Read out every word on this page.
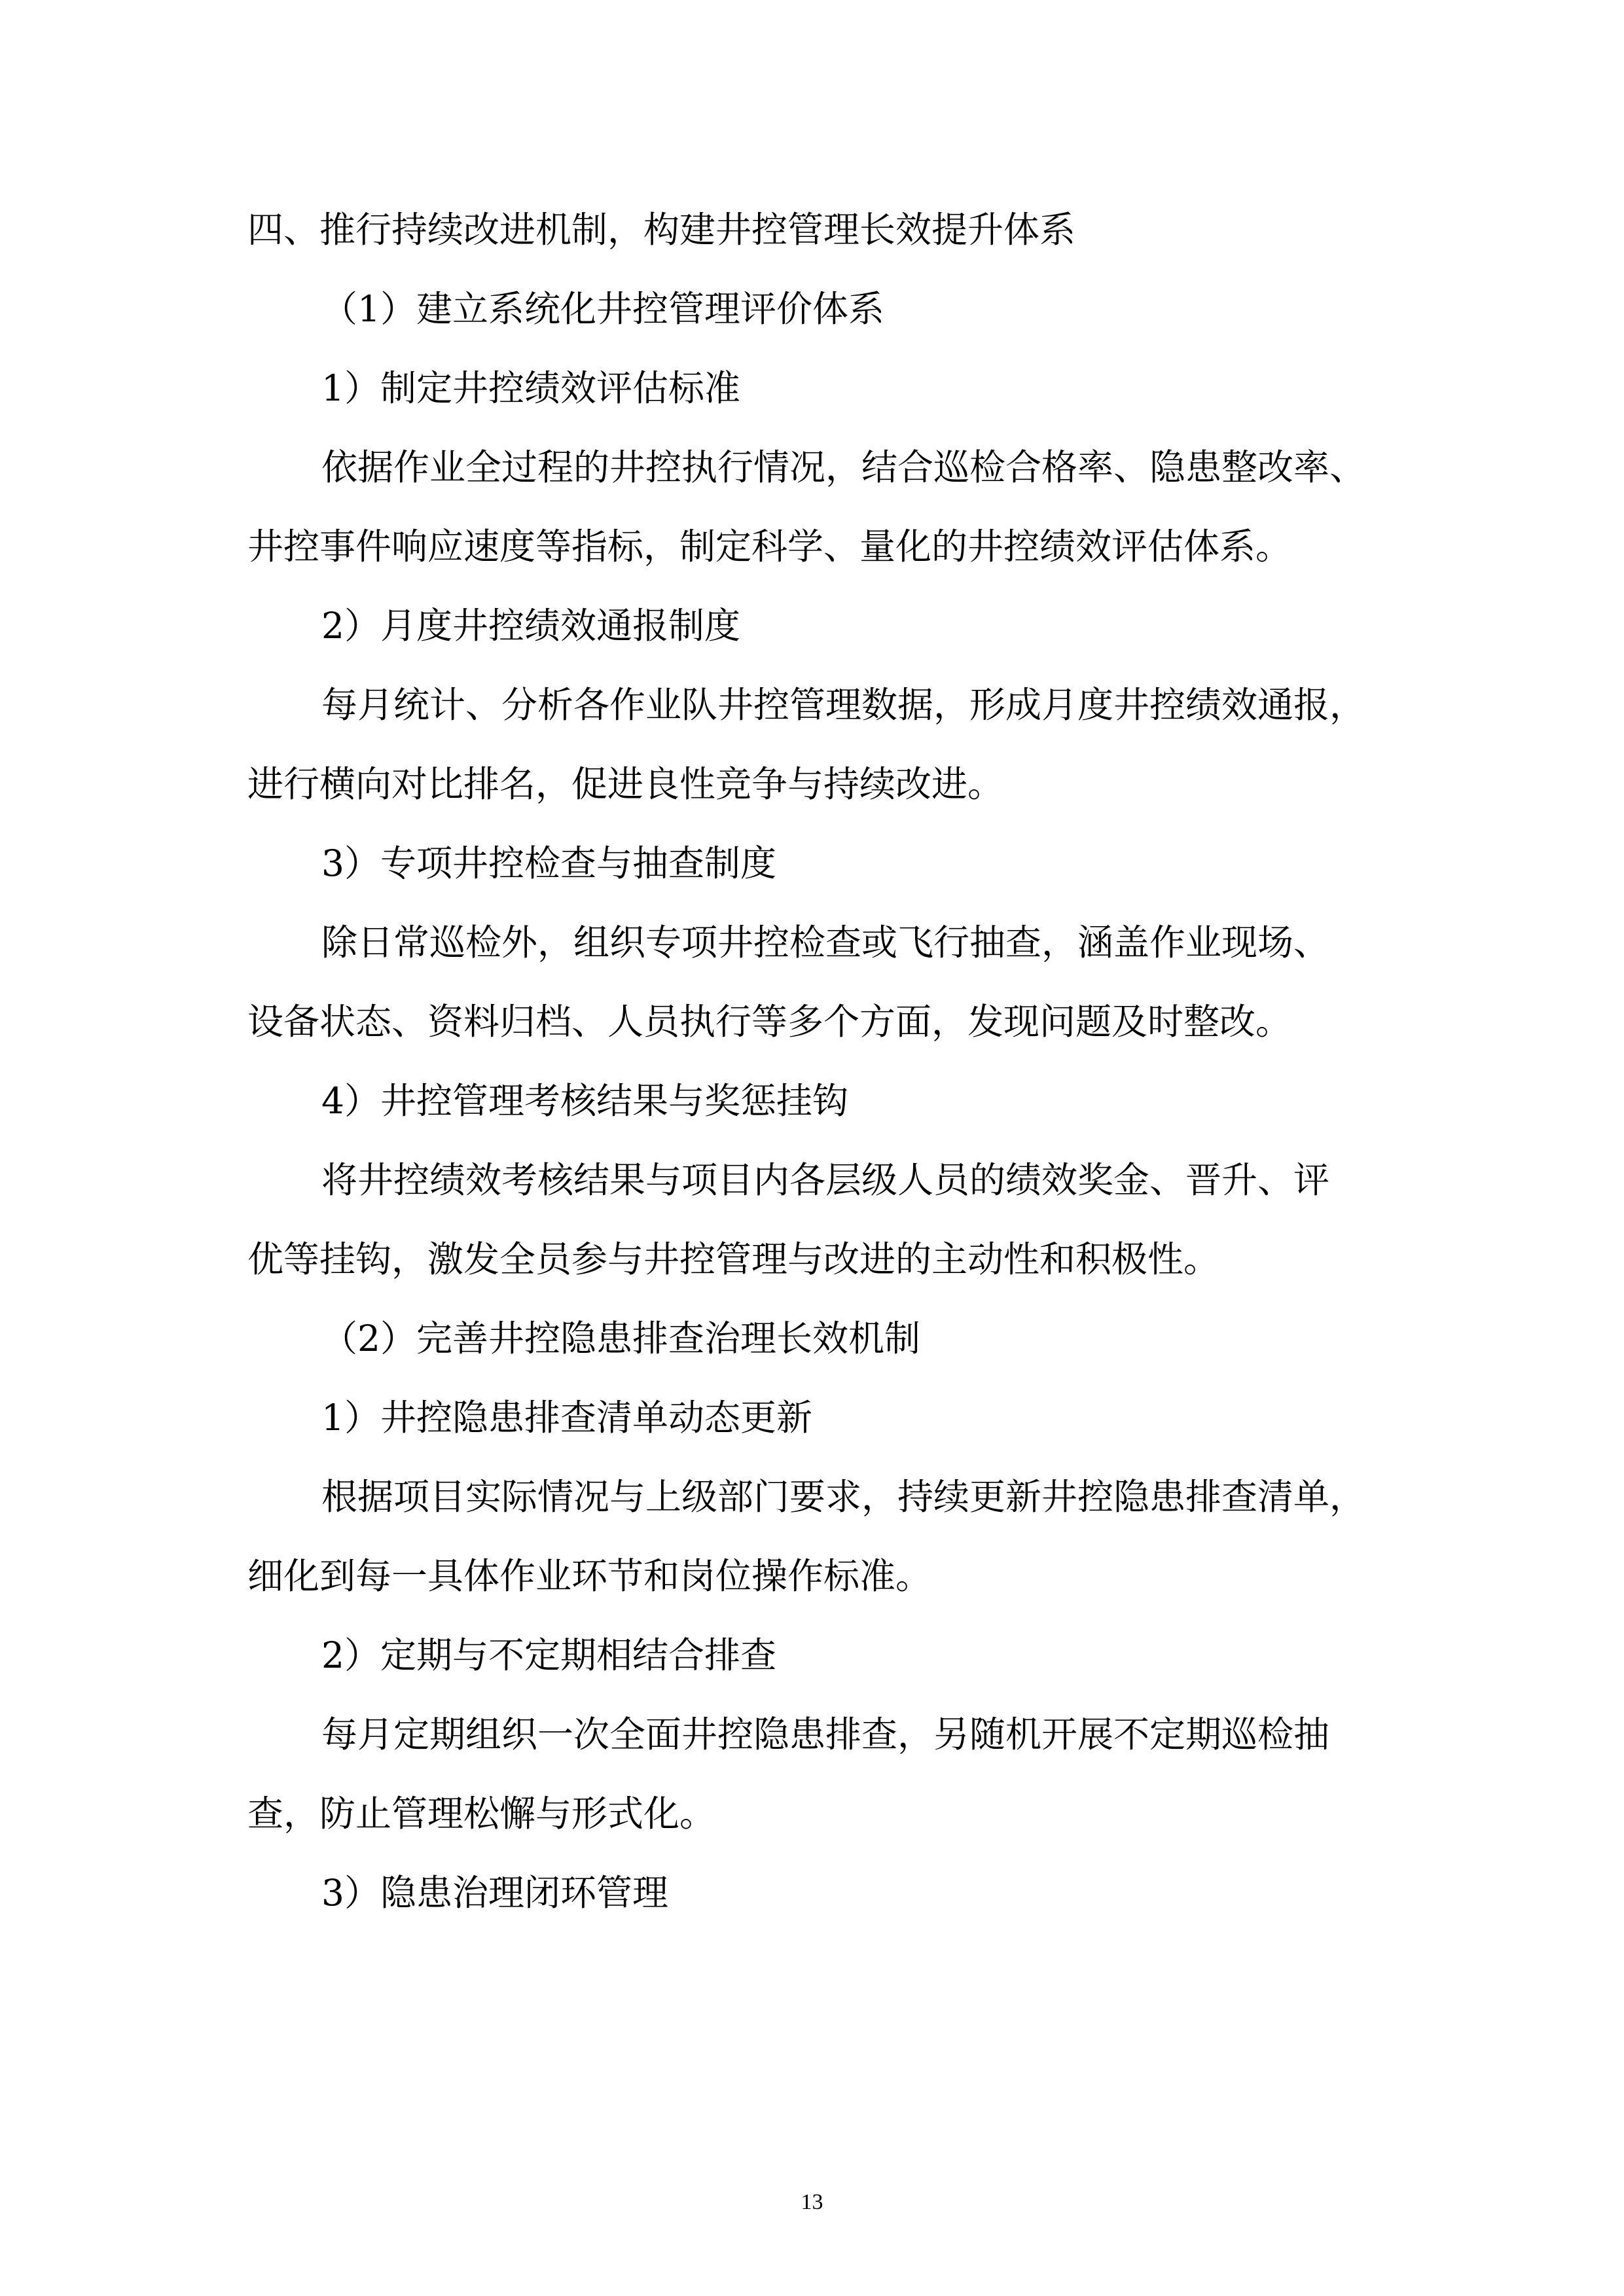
四、推行持续改进机制，构建井控管理长效提升体系

（1）建立系统化井控管理评价体系

1）制定井控绩效评估标准

依据作业全过程的井控执行情况，结合巡检合格率、隐患整改率、

井控事件响应速度等指标，制定科学、量化的井控绩效评估体系。

2）月度井控绩效通报制度

每月统计、分析各作业队井控管理数据，形成月度井控绩效通报，

进行横向对比排名，促进良性竞争与持续改进。

3）专项井控检查与抽查制度

除日常巡检外，组织专项井控检查或飞行抽查，涵盖作业现场、

设备状态、资料归档、人员执行等多个方面，发现问题及时整改。

4）井控管理考核结果与奖惩挂钩

将井控绩效考核结果与项目内各层级人员的绩效奖金、晋升、评

优等挂钩，激发全员参与井控管理与改进的主动性和积极性。

（2）完善井控隐患排查治理长效机制

1）井控隐患排查清单动态更新

根据项目实际情况与上级部门要求，持续更新井控隐患排查清单，

细化到每一具体作业环节和岗位操作标准。

2）定期与不定期相结合排查

每月定期组织一次全面井控隐患排查，另随机开展不定期巡检抽

查，防止管理松懈与形式化。

3）隐患治理闭环管理

13
